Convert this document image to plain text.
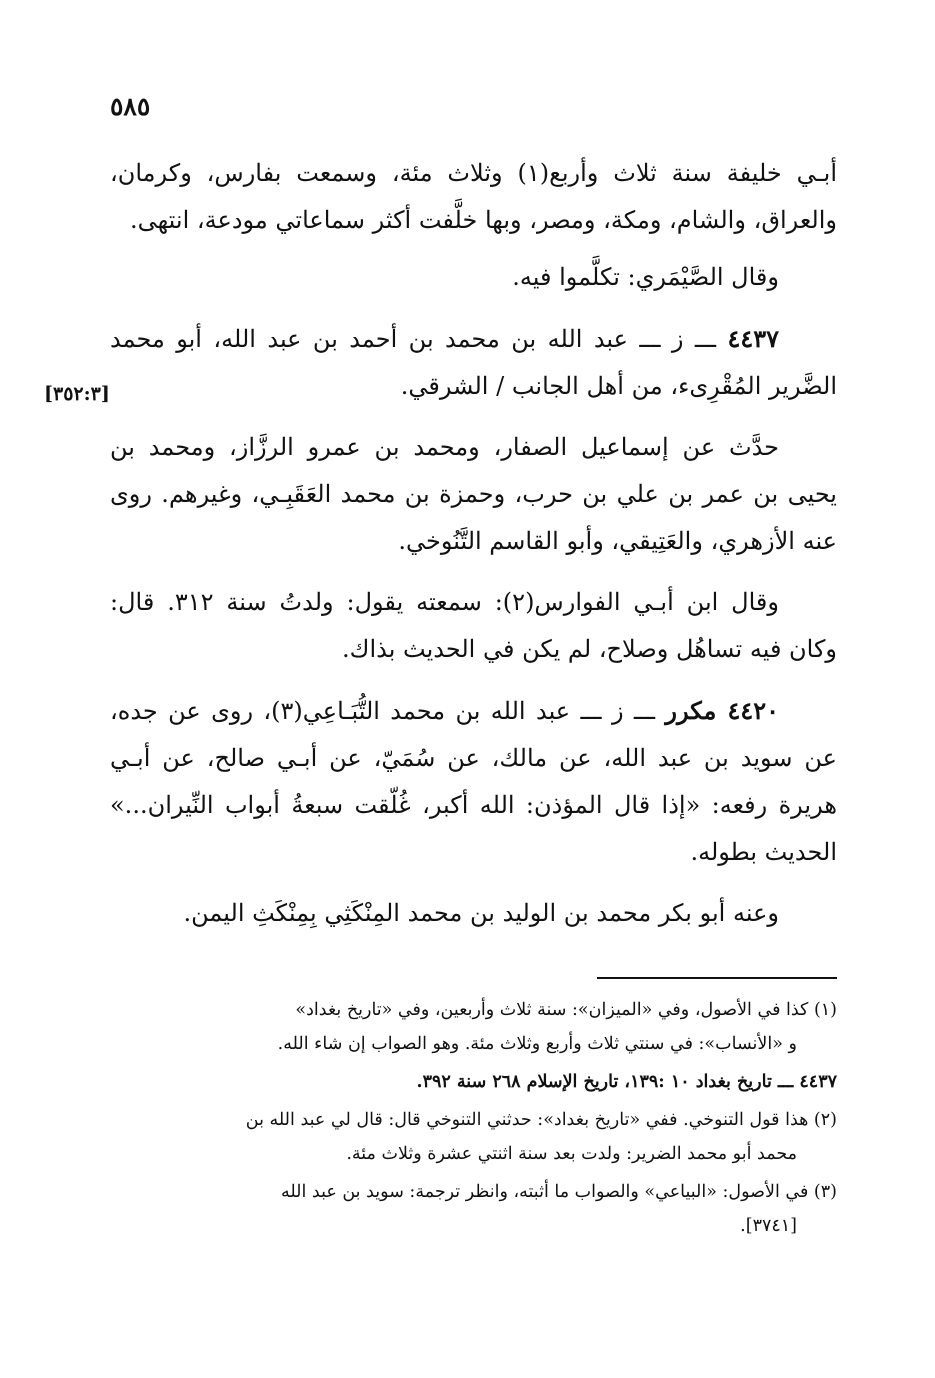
٥٨٥
[٣٥٢:٣]

أبـي خليفة سنة ثلاث وأربع(١) وثلاث مئة، وسمعت بفارس، وكرمان، والعراق، والشام، ومكة، ومصر، وبها خلَّفت أكثر سماعاتي مودعة، انتهى.

وقال الصَّيْمَري: تكلَّموا فيه.

٤٤٣٧ ـــ ز ـــ عبد الله بن محمد بن أحمد بن عبد الله، أبو محمد الضَّرير المُقْرِىء، من أهل الجانب / الشرقي.

حدَّث عن إسماعيل الصفار، ومحمد بن عمرو الرزَّاز، ومحمد بن يحيى بن عمر بن علي بن حرب، وحمزة بن محمد العَقَبِـي، وغيرهم. روى عنه الأزهري، والعَتِيقي، وأبو القاسم التَّنُوخي.

وقال ابن أبـي الفوارس(٢): سمعته يقول: ولدتُ سنة ٣١٢. قال: وكان فيه تساهُل وصلاح، لم يكن في الحديث بذاك.

٤٤٢٠ مكرر ـــ ز ـــ عبد الله بن محمد التُّبَـاعِي(٣)، روى عن جده، عن سويد بن عبد الله، عن مالك، عن سُمَيّ، عن أبـي صالح، عن أبـي هريرة رفعه: «إذا قال المؤذن: الله أكبر، غُلّقت سبعةُ أبواب النِّيران...» الحديث بطوله.

وعنه أبو بكر محمد بن الوليد بن محمد المِنْكَثِي بِمِنْكَثِ اليمن.

(١) كذا في الأصول، وفي «الميزان»: سنة ثلاث وأربعين، وفي «تاريخ بغداد»
و «الأنساب»: في سنتي ثلاث وأربع وثلاث مئة. وهو الصواب إن شاء الله.

٤٤٣٧ ـــ تاريخ بغداد ١٠ :١٣٩، تاريخ الإسلام ٢٦٨ سنة ٣٩٢.

(٢) هذا قول التنوخي. ففي «تاريخ بغداد»: حدثني التنوخي قال: قال لي عبد الله بن
محمد أبو محمد الضرير: ولدت بعد سنة اثنتي عشرة وثلاث مئة.

(٣) في الأصول: «البياعي» والصواب ما أثبته، وانظر ترجمة: سويد بن عبد الله
[٣٧٤١].
